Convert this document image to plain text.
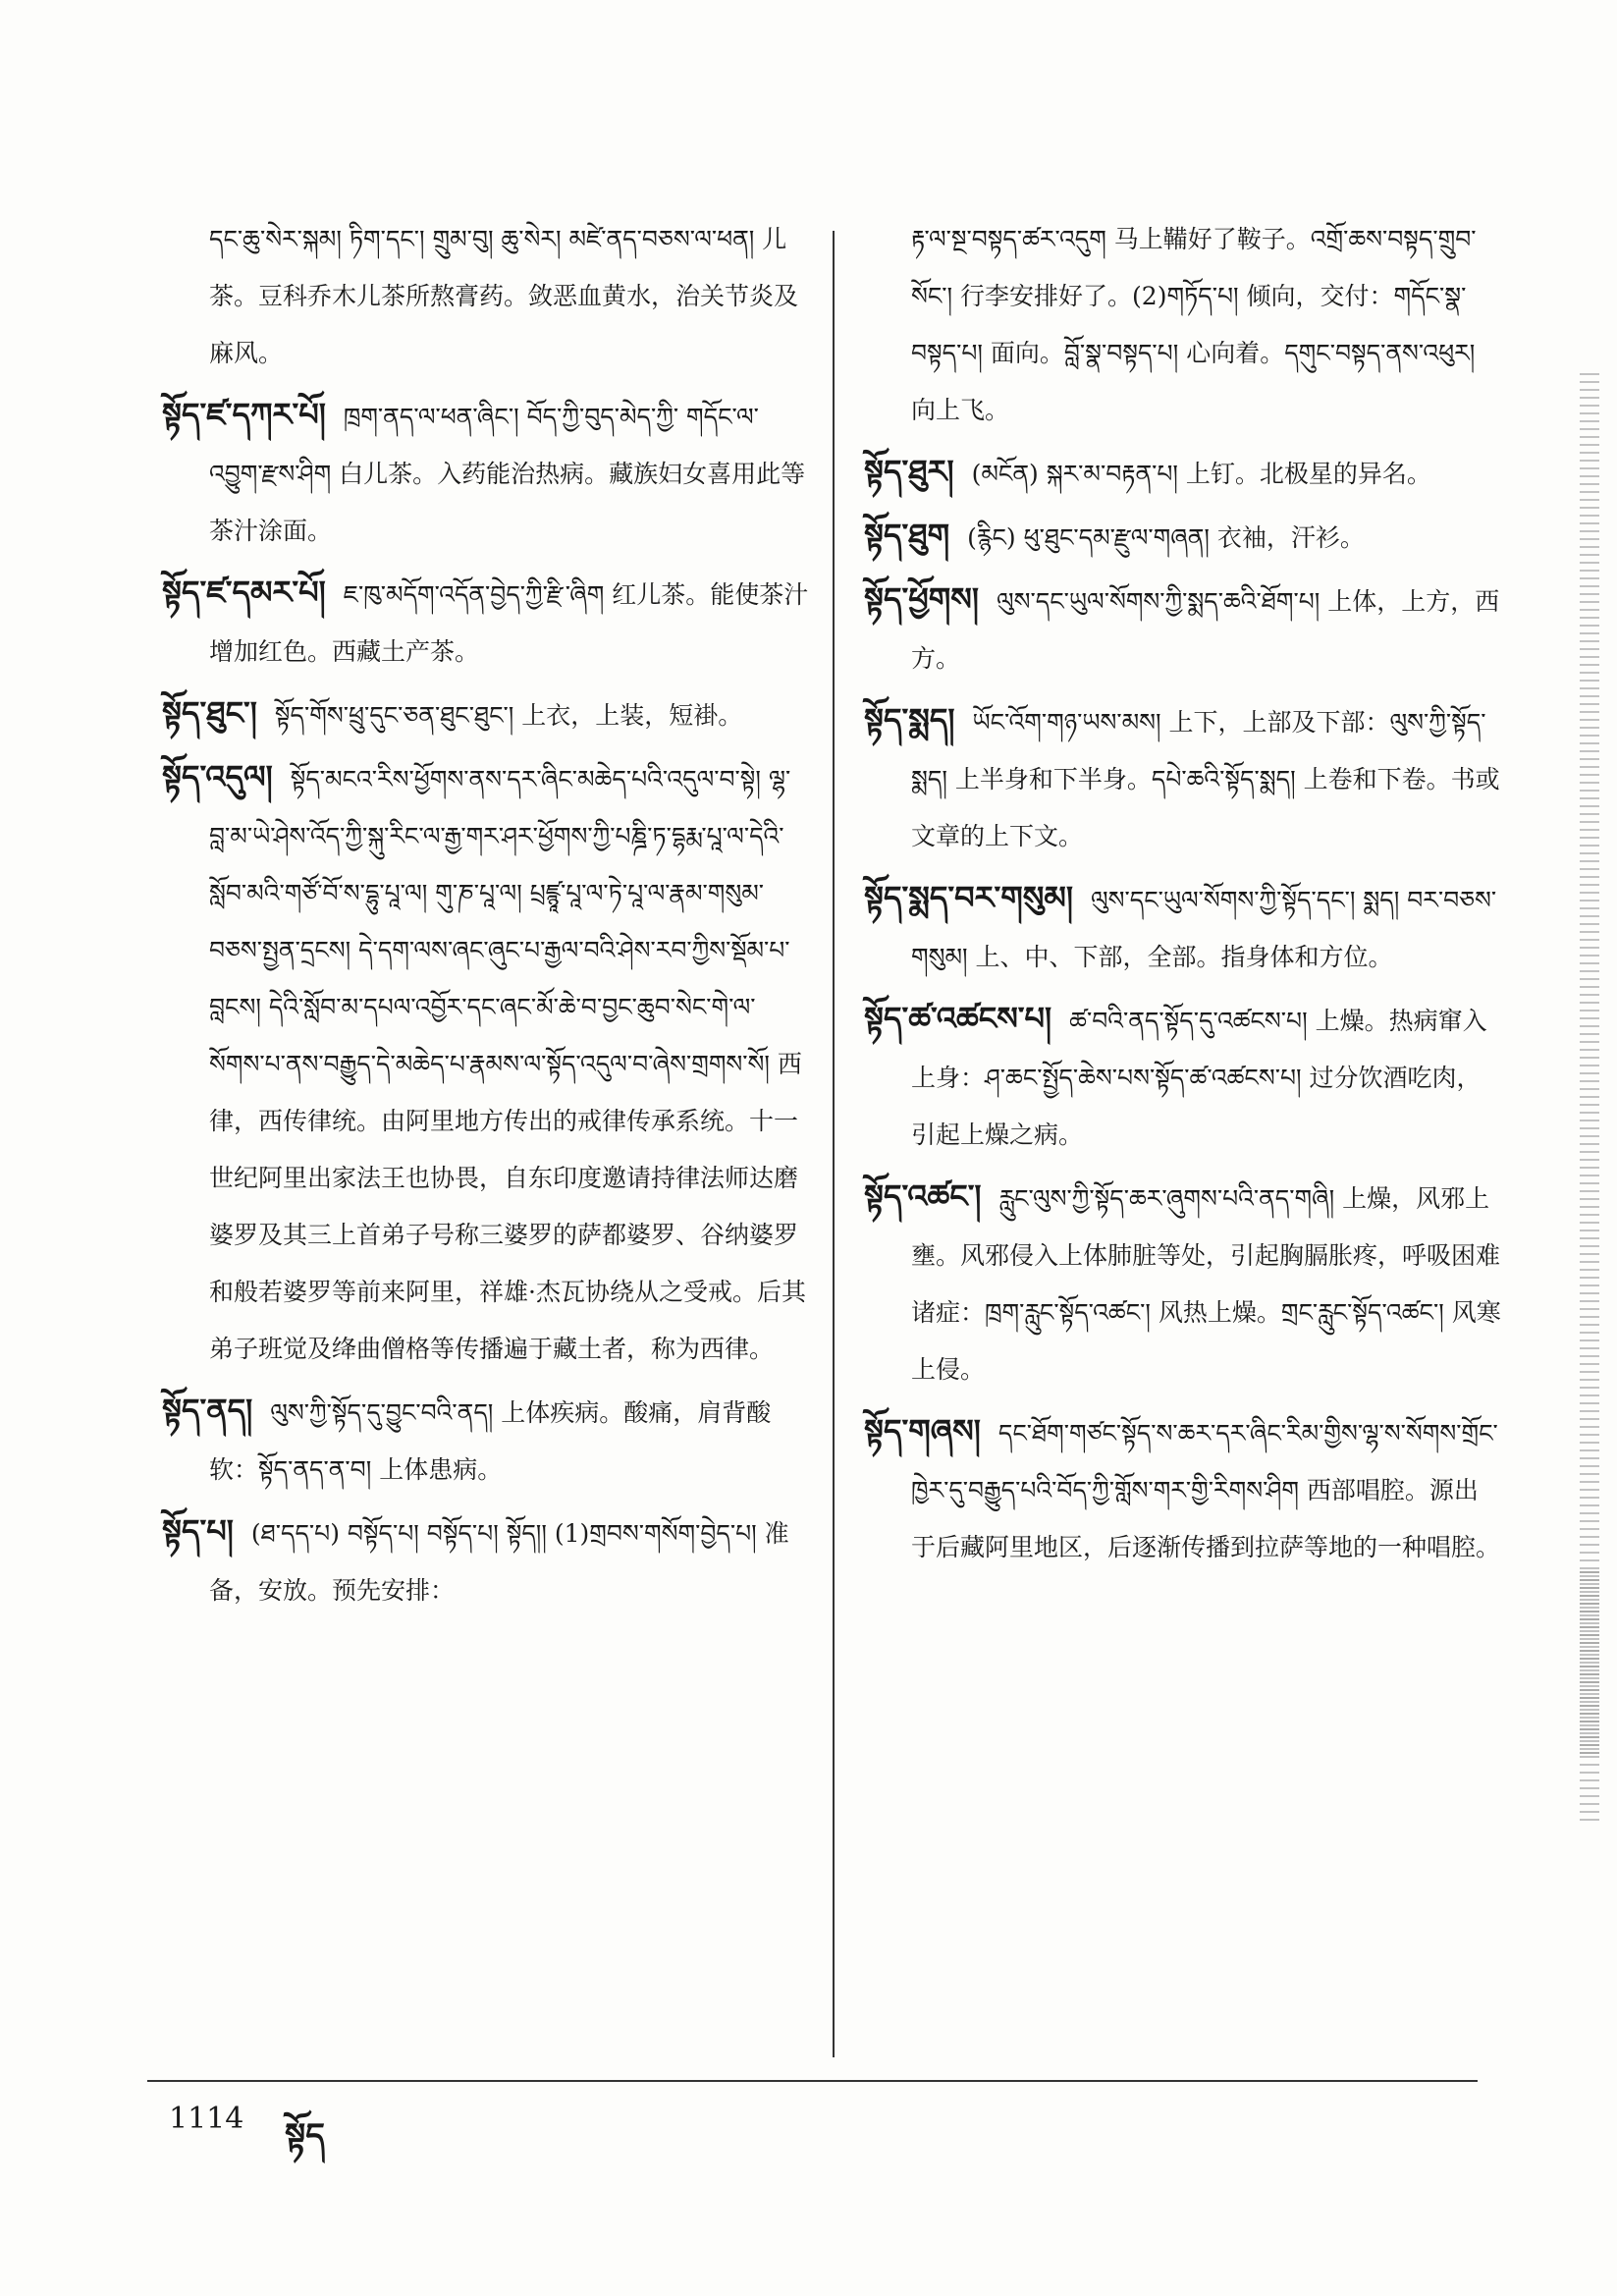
དང་ཆུ་སེར་སྐམ། ཏིག་དང་། གྲུམ་བུ། ཆུ་སེར། མཛེ་ནད་བཅས་ལ་ཕན། 儿茶。豆科乔木儿茶所熬膏药。敛恶血黄水，治关节炎及麻风。
སྟོད་ཛ་དཀར་པོ། ཁྲག་ནད་ལ་ཕན་ཞིང་། བོད་ཀྱི་བུད་མེད་ཀྱི་ གདོང་ལ་འབྱུག་རྫས་ཤིག 白儿茶。入药能治热病。藏族妇女喜用此等茶汁涂面。
སྟོད་ཛ་དམར་པོ། ཇ་ཁུ་མདོག་འདོན་བྱེད་ཀྱི་རྫི་ཞིག 红儿茶。能使茶汁增加红色。西藏土产茶。
སྟོད་ཐུང་། སྟོད་གོས་ཕྲུ་དུང་ཅན་ཐུང་ཐུང་། 上衣，上装，短褂。
སྟོད་འདུལ། སྟོད་མངའ་རིས་ཕྱོགས་ནས་དར་ཞིང་མཆེད་པའི་འདུལ་བ་སྟེ། ལྷ་བླ་མ་ཡེ་ཤེས་འོད་ཀྱི་སྐུ་རིང་ལ་རྒྱ་གར་ཤར་ཕྱོགས་ཀྱི་པཎྜི་ཏ་དྷརྨ་པཱ་ལ་དེའི་སློབ་མའི་གཙོ་བོ་ས་དྷུ་པཱ་ལ། གུ་ཎ་པཱ་ལ། པྲཛྙཱ་པཱ་ལ་ཏེ་པཱ་ལ་རྣམ་གསུམ་བཅས་སྤྱན་དྲངས། དེ་དག་ལས་ཞང་ཞུང་པ་རྒྱལ་བའི་ཤེས་རབ་ཀྱིས་སྡོམ་པ་བླངས། དེའི་སློབ་མ་དཔལ་འབྱོར་དང་ཞང་མོ་ཆེ་བ་བྱང་ཆུབ་སེང་གེ་ལ་སོགས་པ་ནས་བརྒྱུད་དེ་མཆེད་པ་རྣམས་ལ་སྟོད་འདུལ་བ་ཞེས་གྲགས་སོ། 西律，西传律统。由阿里地方传出的戒律传承系统。十一世纪阿里出家法王也协畏，自东印度邀请持律法师达磨婆罗及其三上首弟子号称三婆罗的萨都婆罗、谷纳婆罗和般若婆罗等前来阿里，祥雄·杰瓦协绕从之受戒。后其弟子班觉及绛曲僧格等传播遍于藏土者，称为西律。
སྟོད་ནད། ལུས་ཀྱི་སྟོད་དུ་བྱུང་བའི་ནད། 上体疾病。酸痛，肩背酸软：སྟོད་ནད་ན་བ། 上体患病。
སྟོད་པ། (ཐ་དད་པ) བསྟོད་པ། བསྟོད་པ། སྟོད།། (1)གྲབས་གསོག་བྱེད་པ། 准备，安放。预先安排：
རྟ་ལ་སྔ་བསྟད་ཚར་འདུག 马上鞴好了鞍子。འགྲོ་ཆས་བསྟད་གྲུབ་སོང་། 行李安排好了。(2)གཏོད་པ། 倾向，交付：གདོང་སྣ་བསྟད་པ། 面向。བློ་སྣ་བསྟད་པ། 心向着。དགུང་བསྟད་ནས་འཕུར། 向上飞。
སྟོད་ཐུར། (མངོན) སྐར་མ་བརྟན་པ། 上钉。北极星的异名。
སྟོད་ཐུག (རྙིང) ཕུ་ཐུང་དམ་རྫུལ་གཞན། 衣袖，汗衫。
སྟོད་ཕྱོགས། ལུས་དང་ཡུལ་སོགས་ཀྱི་སྨད་ཆའི་ཐོག་པ། 上体，上方，西方。
སྟོད་སྨད། ཡོང་འོག་གཉ་ཡས་མས། 上下，上部及下部：ལུས་ཀྱི་སྟོད་སྨད། 上半身和下半身。དཔེ་ཆའི་སྟོད་སྨད། 上卷和下卷。书或文章的上下文。
སྟོད་སྨད་བར་གསུམ། ལུས་དང་ཡུལ་སོགས་ཀྱི་སྟོད་དང་། སྨད། བར་བཅས་གསུམ། 上、中、下部，全部。指身体和方位。
སྟོད་ཚ་འཚངས་པ། ཚ་བའི་ནད་སྟོད་དུ་འཚངས་པ། 上燥。热病窜入上身：ཤ་ཆང་སྤྱོད་ཆེས་པས་སྟོད་ཚ་འཚངས་པ། 过分饮酒吃肉，引起上燥之病。
སྟོད་འཚང་། རླུང་ལུས་ཀྱི་སྟོད་ཆར་ཞུགས་པའི་ནད་གཞི། 上燥，风邪上壅。风邪侵入上体肺脏等处，引起胸膈胀疼，呼吸困难诸症：ཁྲག་རླུང་སྟོད་འཚང་། 风热上燥。གྲང་རླུང་སྟོད་འཚང་། 风寒上侵。
སྟོད་གཞས། དང་ཐོག་གཙང་སྟོད་ས་ཆར་དར་ཞིང་རིམ་གྱིས་ལྷ་ས་སོགས་གྲོང་ཁྱེར་དུ་བརྒྱུད་པའི་བོད་ཀྱི་གློས་གར་གྱི་རིགས་ཤིག 西部唱腔。源出于后藏阿里地区，后逐渐传播到拉萨等地的一种唱腔。
1114 སྟོད
